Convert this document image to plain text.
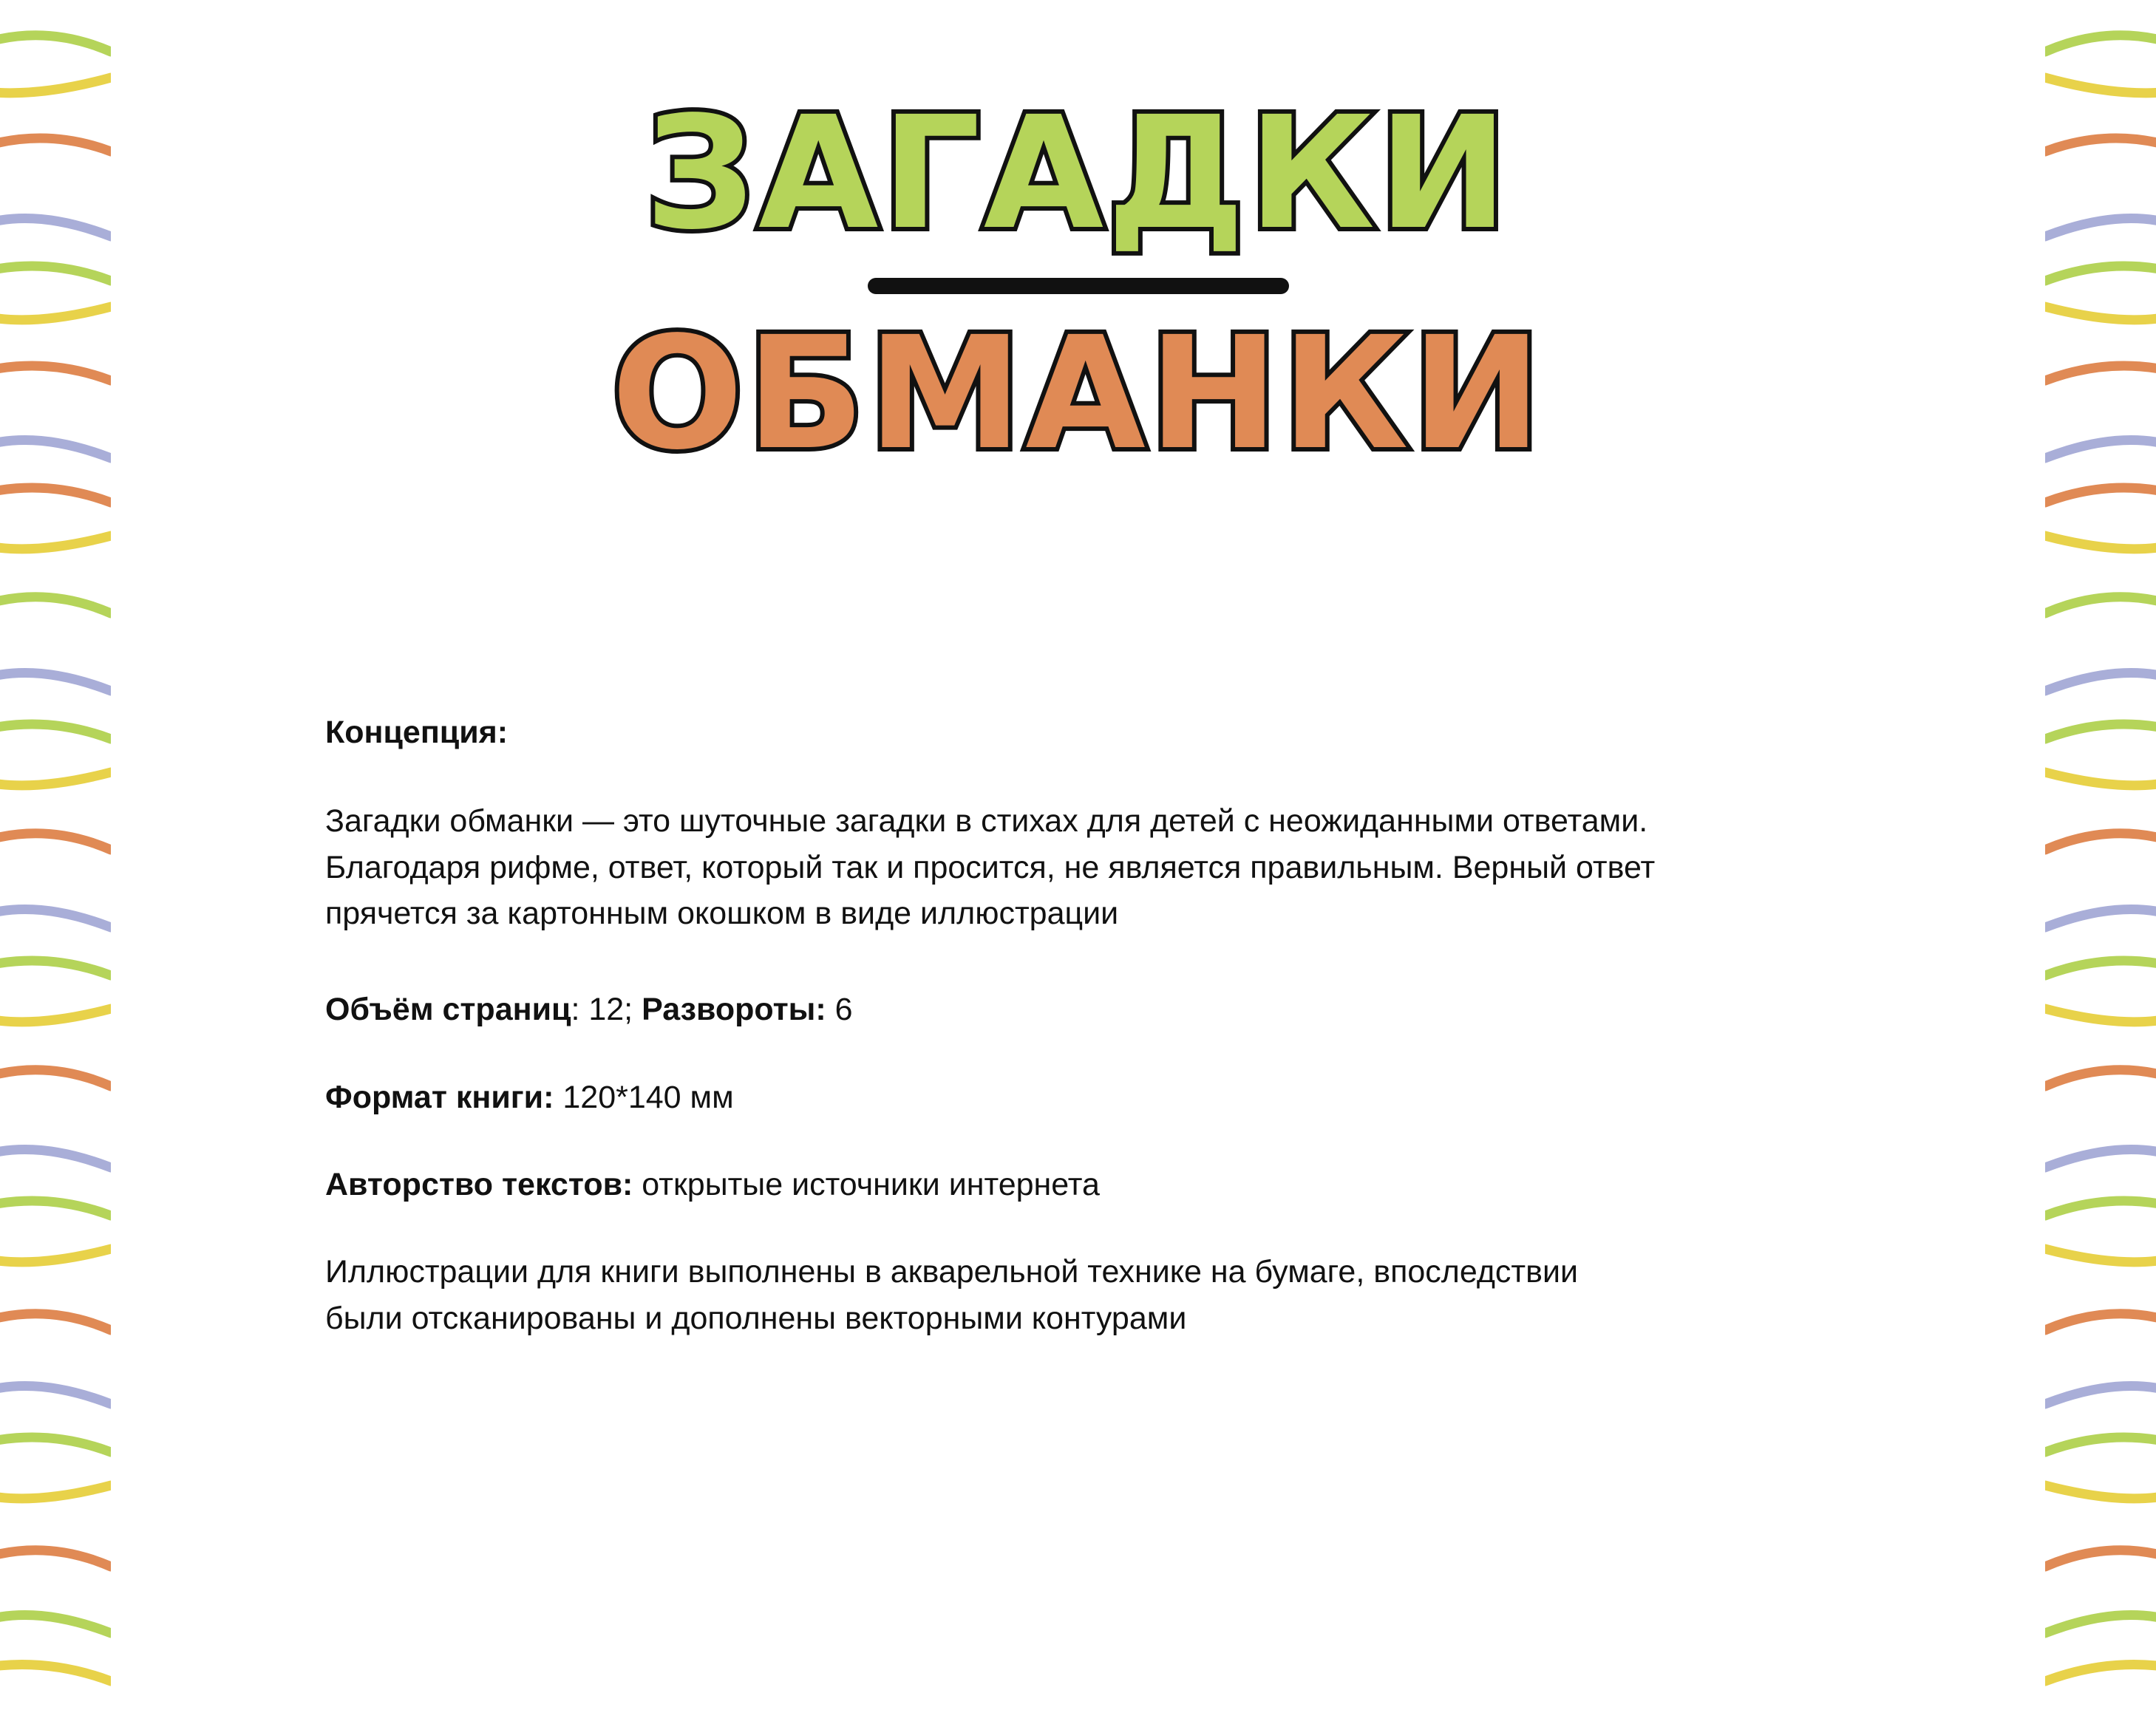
ЗАГАДКИ
ОБМАНКИ

Концепция:

Загадки обманки — это шуточные загадки в стихах для детей с неожиданными ответами. Благодаря рифме, ответ, который так и просится, не является правильным. Верный ответ прячется за картонным окошком в виде иллюстрации

Объём страниц: 12; Развороты: 6

Формат книги: 120*140 мм

Авторство текстов: открытые источники интернета

Иллюстрации для книги выполнены в акварельной технике на бумаге, впоследствии были отсканированы и дополнены векторными контурами
